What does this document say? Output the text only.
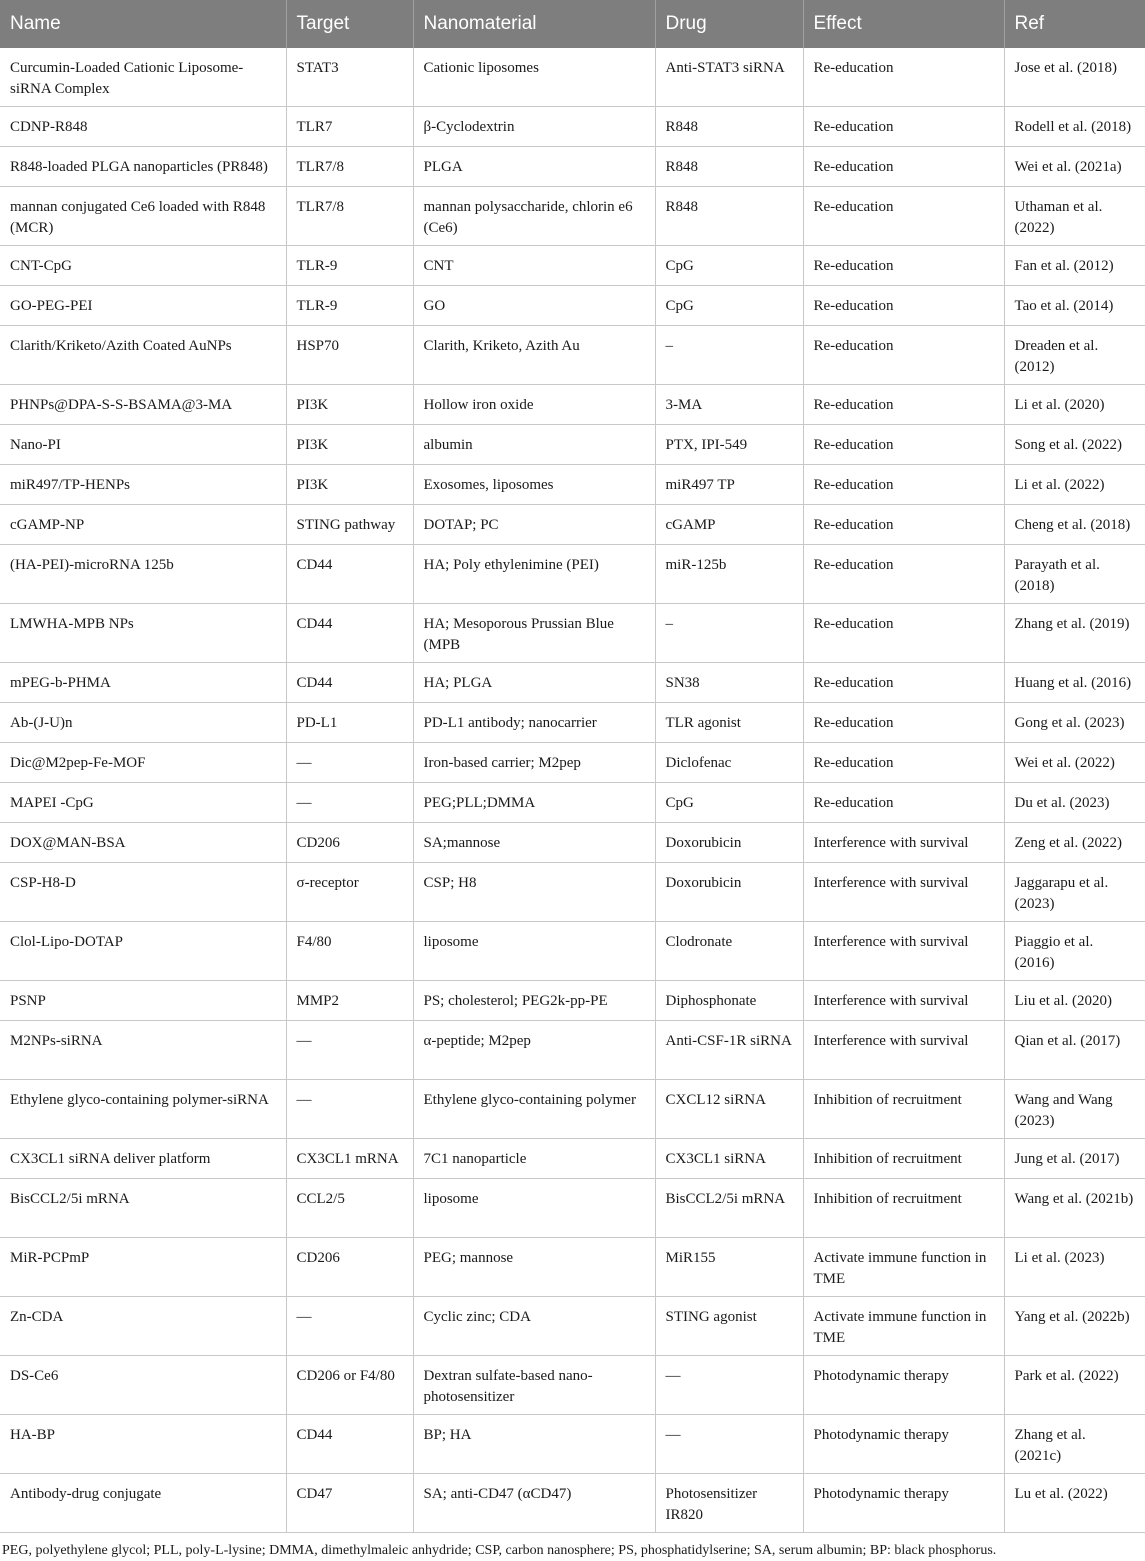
Name	Target	Nanomaterial	Drug	Effect	Ref
Curcumin-Loaded Cationic Liposome-siRNA Complex	STAT3	Cationic liposomes	Anti-STAT3 siRNA	Re-education	Jose et al. (2018)
CDNP-R848	TLR7	β-Cyclodextrin	R848	Re-education	Rodell et al. (2018)
R848-loaded PLGA nanoparticles (PR848)	TLR7/8	PLGA	R848	Re-education	Wei et al. (2021a)
mannan conjugated Ce6 loaded with R848 (MCR)	TLR7/8	mannan polysaccharide, chlorin e6 (Ce6)	R848	Re-education	Uthaman et al. (2022)
CNT-CpG	TLR-9	CNT	CpG	Re-education	Fan et al. (2012)
GO-PEG-PEI	TLR-9	GO	CpG	Re-education	Tao et al. (2014)
Clarith/Kriketo/Azith Coated AuNPs	HSP70	Clarith, Kriketo, Azith Au	–	Re-education	Dreaden et al. (2012)
PHNPs@DPA-S-S-BSAMA@3-MA	PI3K	Hollow iron oxide	3-MA	Re-education	Li et al. (2020)
Nano-PI	PI3K	albumin	PTX, IPI-549	Re-education	Song et al. (2022)
miR497/TP-HENPs	PI3K	Exosomes, liposomes	miR497 TP	Re-education	Li et al. (2022)
cGAMP-NP	STING pathway	DOTAP; PC	cGAMP	Re-education	Cheng et al. (2018)
(HA-PEI)-microRNA 125b	CD44	HA; Poly ethylenimine (PEI)	miR-125b	Re-education	Parayath et al. (2018)
LMWHA-MPB NPs	CD44	HA; Mesoporous Prussian Blue (MPB	–	Re-education	Zhang et al. (2019)
mPEG-b-PHMA	CD44	HA; PLGA	SN38	Re-education	Huang et al. (2016)
Ab-(J-U)n	PD-L1	PD-L1 antibody; nanocarrier	TLR agonist	Re-education	Gong et al. (2023)
Dic@M2pep-Fe-MOF	—	Iron-based carrier; M2pep	Diclofenac	Re-education	Wei et al. (2022)
MAPEI -CpG	—	PEG;PLL;DMMA	CpG	Re-education	Du et al. (2023)
DOX@MAN-BSA	CD206	SA;mannose	Doxorubicin	Interference with survival	Zeng et al. (2022)
CSP-H8-D	σ-receptor	CSP; H8	Doxorubicin	Interference with survival	Jaggarapu et al. (2023)
Clol-Lipo-DOTAP	F4/80	liposome	Clodronate	Interference with survival	Piaggio et al. (2016)
PSNP	MMP2	PS; cholesterol; PEG2k-pp-PE	Diphosphonate	Interference with survival	Liu et al. (2020)
M2NPs-siRNA	—	α-peptide; M2pep	Anti-CSF-1R siRNA	Interference with survival	Qian et al. (2017)
Ethylene glyco-containing polymer-siRNA	—	Ethylene glyco-containing polymer	CXCL12 siRNA	Inhibition of recruitment	Wang and Wang (2023)
CX3CL1 siRNA deliver platform	CX3CL1 mRNA	7C1 nanoparticle	CX3CL1 siRNA	Inhibition of recruitment	Jung et al. (2017)
BisCCL2/5i mRNA	CCL2/5	liposome	BisCCL2/5i mRNA	Inhibition of recruitment	Wang et al. (2021b)
MiR-PCPmP	CD206	PEG; mannose	MiR155	Activate immune function in TME	Li et al. (2023)
Zn-CDA	—	Cyclic zinc; CDA	STING agonist	Activate immune function in TME	Yang et al. (2022b)
DS-Ce6	CD206 or F4/80	Dextran sulfate-based nano-photosensitizer	—	Photodynamic therapy	Park et al. (2022)
HA-BP	CD44	BP; HA	—	Photodynamic therapy	Zhang et al. (2021c)
Antibody-drug conjugate	CD47	SA; anti-CD47 (αCD47)	Photosensitizer IR820	Photodynamic therapy	Lu et al. (2022)
PEG, polyethylene glycol; PLL, poly-L-lysine; DMMA, dimethylmaleic anhydride; CSP, carbon nanosphere; PS, phosphatidylserine; SA, serum albumin; BP: black phosphorus.
